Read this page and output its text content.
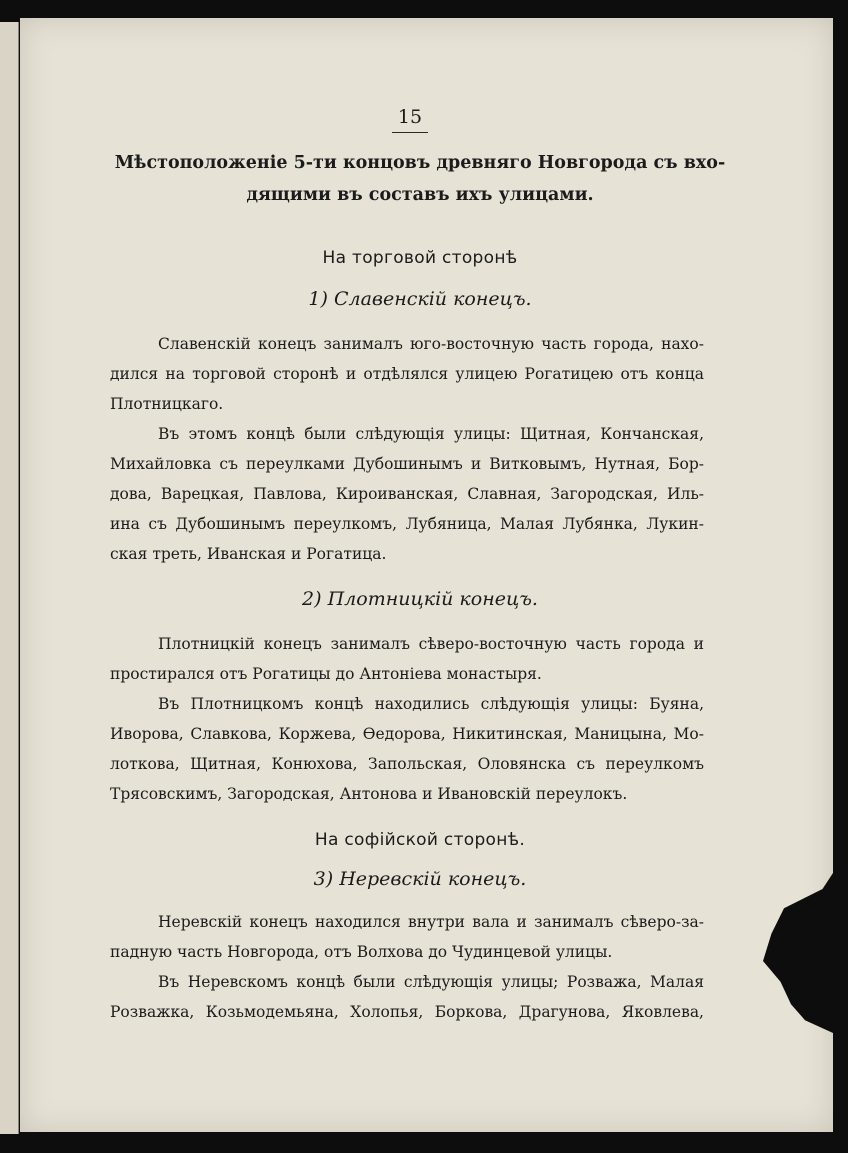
15
Мѣстоположенiе 5-ти концовъ древняго Новгорода съ вхо-
дящими въ составъ ихъ улицами.
На торговой сторонѣ
1) Славенскiй конецъ.
Славенскiй конецъ занималъ юго-восточную часть города, нахо-
дился на торговой сторонѣ и отдѣлялся улицею Рогатицею отъ конца
Плотницкаго.
Въ этомъ концѣ были слѣдующiя улицы: Щитная, Кончанская,
Михайловка съ переулками Дубошинымъ и Витковымъ, Нутная, Бор-
дова, Варецкая, Павлова, Кироиванская, Славная, Загородская, Иль-
ина съ Дубошинымъ переулкомъ, Лубяница, Малая Лубянка, Лукин-
ская треть, Иванская и Рогатица.
2) Плотницкiй конецъ.
Плотницкiй конецъ занималъ сѣверо-восточную часть города и
простирался отъ Рогатицы до Антонiева монастыря.
Въ Плотницкомъ концѣ находились слѣдующiя улицы: Буяна,
Иворова, Славкова, Коржева, Ѳедорова, Никитинская, Маницына, Мо-
лоткова, Щитная, Конюхова, Запольская, Оловянска съ переулкомъ
Трясовскимъ, Загородская, Антонова и Ивановскiй переулокъ.
На софiйской сторонѣ.
3) Неревскiй конецъ.
Неревскiй конецъ находился внутри вала и занималъ сѣверо-за-
падную часть Новгорода, отъ Волхова до Чудинцевой улицы.
Въ Неревскомъ концѣ были слѣдующiя улицы; Розважа, Малая
Розважка, Козьмодемьяна, Холопья, Боркова, Драгунова, Яковлева,
